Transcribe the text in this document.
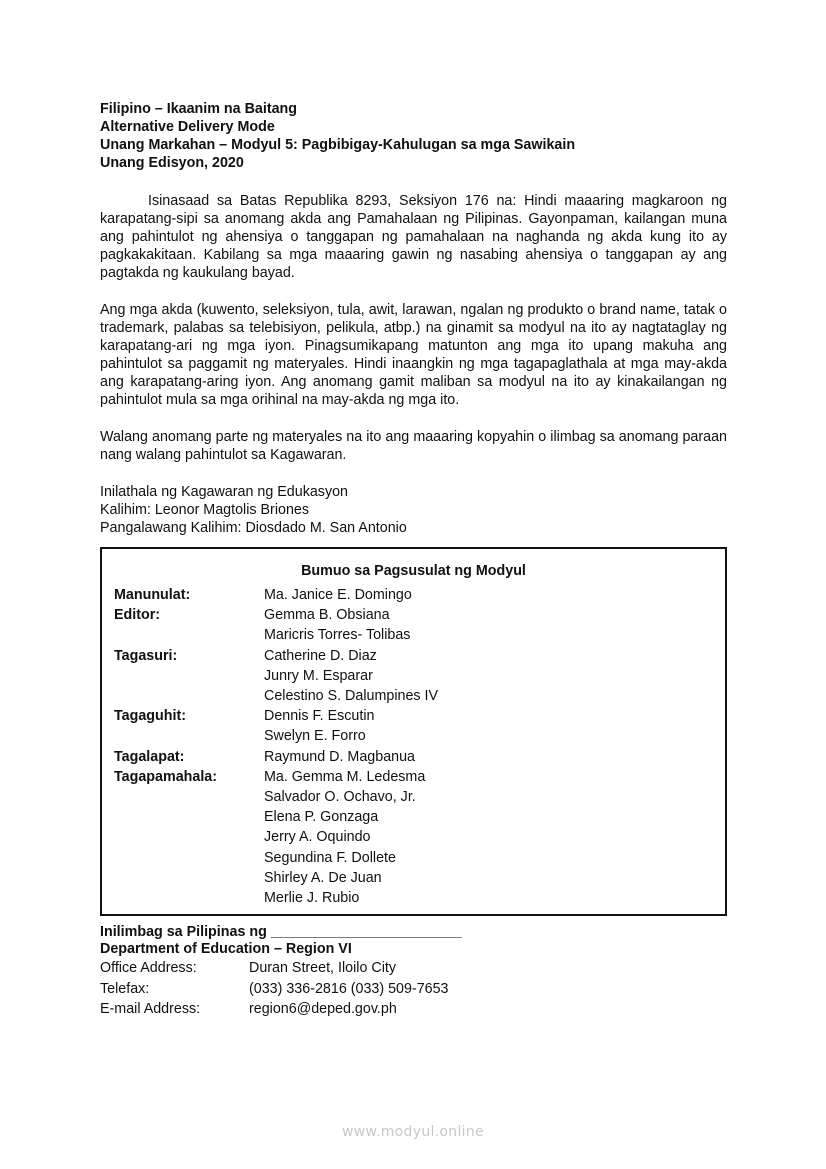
Filipino – Ikaanim na Baitang
Alternative Delivery Mode
Unang Markahan – Modyul 5: Pagbibigay-Kahulugan sa mga Sawikain
Unang Edisyon, 2020

Isinasaad sa Batas Republika 8293, Seksiyon 176 na: Hindi maaaring magkaroon ng karapatang-sipi sa anomang akda ang Pamahalaan ng Pilipinas. Gayonpaman, kailangan muna ang pahintulot ng ahensiya o tanggapan ng pamahalaan na naghanda ng akda kung ito ay pagkakakitaan. Kabilang sa mga maaaring gawin ng nasabing ahensiya o tanggapan ay ang pagtakda ng kaukulang bayad.

Ang mga akda (kuwento, seleksiyon, tula, awit, larawan, ngalan ng produkto o brand name, tatak o trademark, palabas sa telebisiyon, pelikula, atbp.) na ginamit sa modyul na ito ay nagtataglay ng karapatang-ari ng mga iyon. Pinagsumikapang matunton ang mga ito upang makuha ang pahintulot sa paggamit ng materyales. Hindi inaangkin ng mga tagapaglathala at mga may-akda ang karapatang-aring iyon. Ang anomang gamit maliban sa modyul na ito ay kinakailangan ng pahintulot mula sa mga orihinal na may-akda ng mga ito.

Walang anomang parte ng materyales na ito ang maaaring kopyahin o ilimbag sa anomang paraan nang walang pahintulot sa Kagawaran.

Inilathala ng Kagawaran ng Edukasyon
Kalihim: Leonor Magtolis Briones
Pangalawang Kalihim: Diosdado M. San Antonio
Bumuo sa Pagsusulat ng Modyul
Manunulat:	Ma. Janice E. Domingo
Editor:	Gemma B. Obsiana
Maricris Torres- Tolibas
Tagasuri:	Catherine D. Diaz
Junry M. Esparar
Celestino S. Dalumpines IV
Tagaguhit:	Dennis F. Escutin
Swelyn E. Forro
Tagalapat:	Raymund D. Magbanua
Tagapamahala:	Ma. Gemma M. Ledesma
Salvador O. Ochavo, Jr.
Elena P. Gonzaga
Jerry A. Oquindo
Segundina F. Dollete
Shirley A. De Juan
Merlie J. Rubio
Inilimbag sa Pilipinas ng ________________________
Department of Education – Region VI
Office Address:	Duran Street, Iloilo City
Telefax:	(033) 336-2816 (033) 509-7653
E-mail Address:	region6@deped.gov.ph
www.modyul.online
